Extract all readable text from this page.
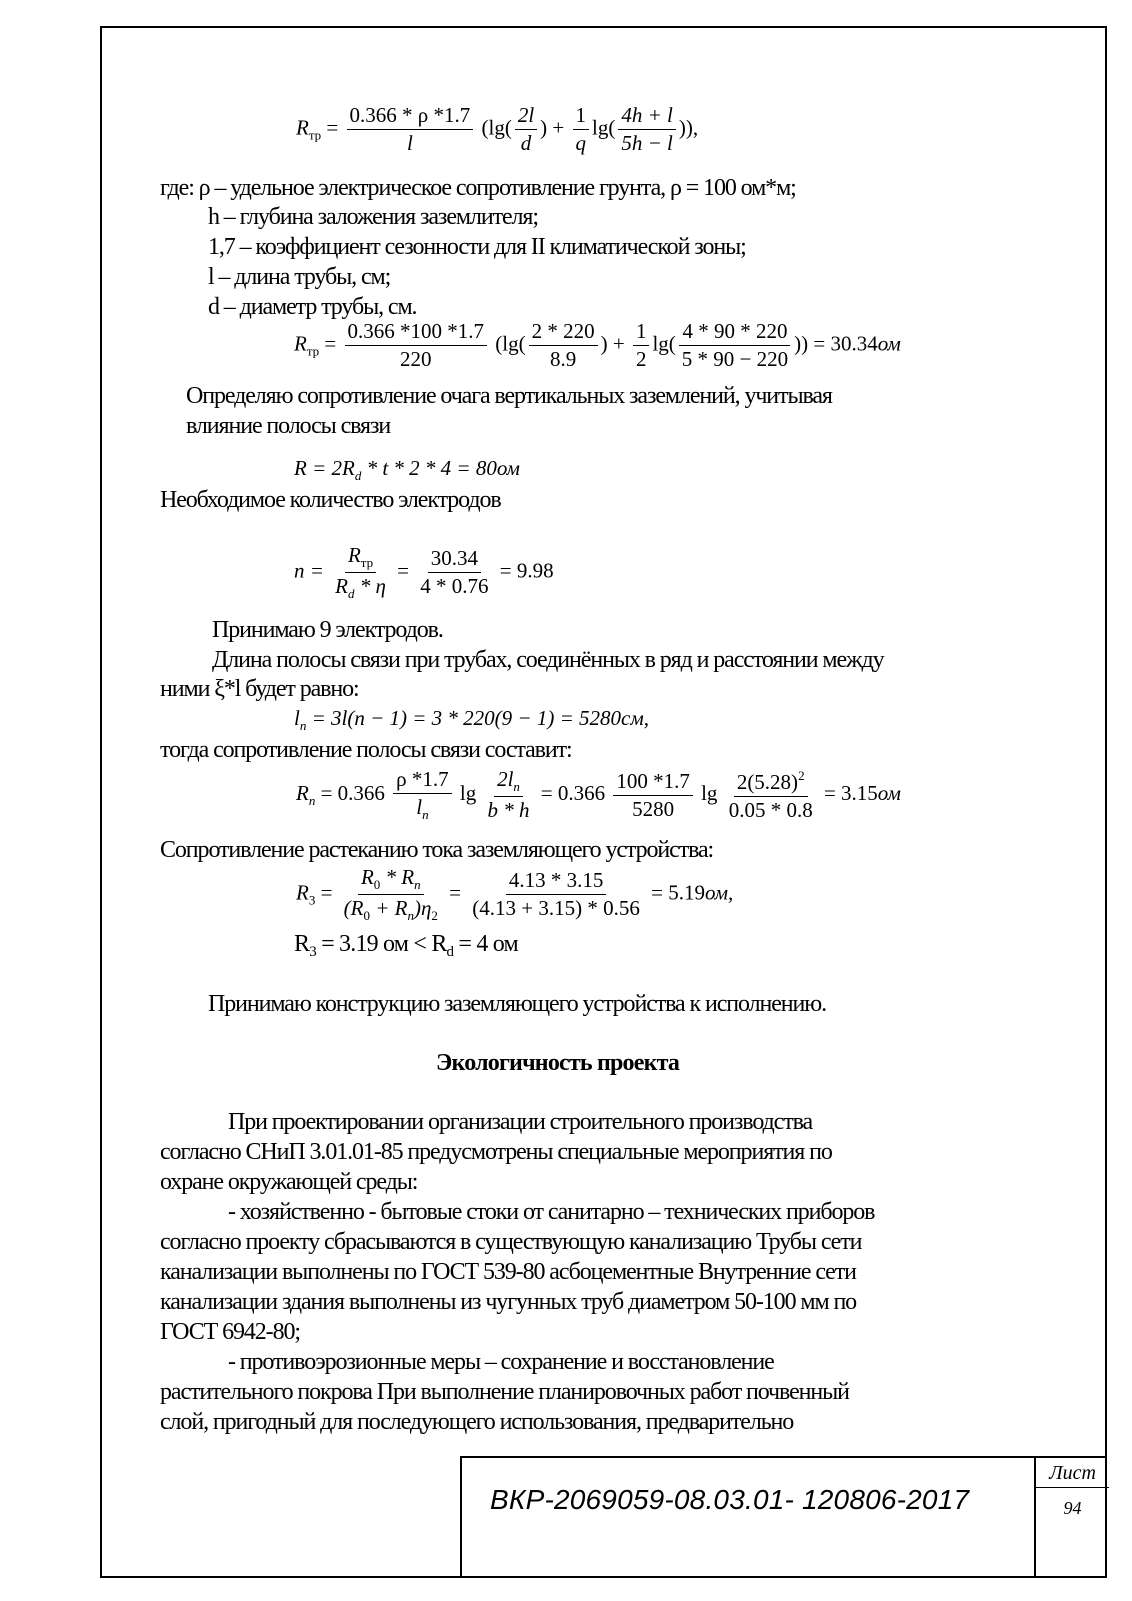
$R_{тр} = \frac{0.366 * \rho *1.7}{l} (\lg( \frac{2l}{d}$ ) + $\frac{1}{q} \lg( \frac{4h + l}{5h - l}$ )),
где: ρ – удельное электрическое сопротивление грунта, ρ = 100 ом*м;
h – глубина заложения заземлителя;
1,7 – коэффициент сезонности для II климатической зоны;
l – длина трубы, см;
d – диаметр трубы, см.
$R_{тр} = \frac{0.366 *100 *1.7}{220} (\lg( \frac{2 * 220}{8.9}$ ) + $\frac{1}{2} \lg( \frac{4 * 90 * 220}{5 * 90 - 220}$ )) = 30.34ом
Определяю сопротивление очага вертикальных заземлений, учитывая
влияние полосы связи
$R = 2R_d * t * 2 * 4 = 80ом$
Необходимое количество электродов
$n = \frac{R_{тр}}{R_d * \eta} = \frac{30.34}{4 * 0.76} = 9.98$
Принимаю 9 электродов.
Длина полосы связи при трубах, соединённых в ряд и расстоянии между
ними ξ*l будет равно:
$l_n = 3l(n - 1) = 3 * 220(9 - 1) = 5280см$,
тогда сопротивление полосы связи составит:
$R_n = 0.366 \frac{\rho *1.7}{l_n}$ $\lg \frac{2l_n}{b * h} = 0.366 \frac{100 *1.7}{5280}$ $\lg \frac{2(5.28)^2}{0.05 * 0.8} = 3.15ом$
Сопротивление растеканию тока заземляющего устройства:
$R_3 = \frac{R_0 * R_n}{(R_0 + R_n)\eta_2} = \frac{4.13 * 3.15}{(4.13 + 3.15) * 0.56} = 5.19ом$,
$R_3 = 3.19$ ом < $R_d = 4$ ом
Принимаю конструкцию заземляющего устройства к исполнению.
Экологичность проекта
При проектировании организации строительного производства
согласно СНиП 3.01.01-85 предусмотрены специальные мероприятия по
охране окружающей среды:
- хозяйственно - бытовые стоки от санитарно – технических приборов
согласно проекту сбрасываются в существующую канализацию Трубы сети
канализации выполнены по ГОСТ 539-80 асбоцементные Внутренние сети
канализации здания выполнены из чугунных труб диаметром 50-100 мм по
ГОСТ 6942-80;
- противоэрозионные меры – сохранение и восстановление
растительного покрова При выполнение планировочных работ почвенный
слой, пригодный для последующего использования, предварительно
ВКР-2069059-08.03.01- 120806-2017
Лист
94
